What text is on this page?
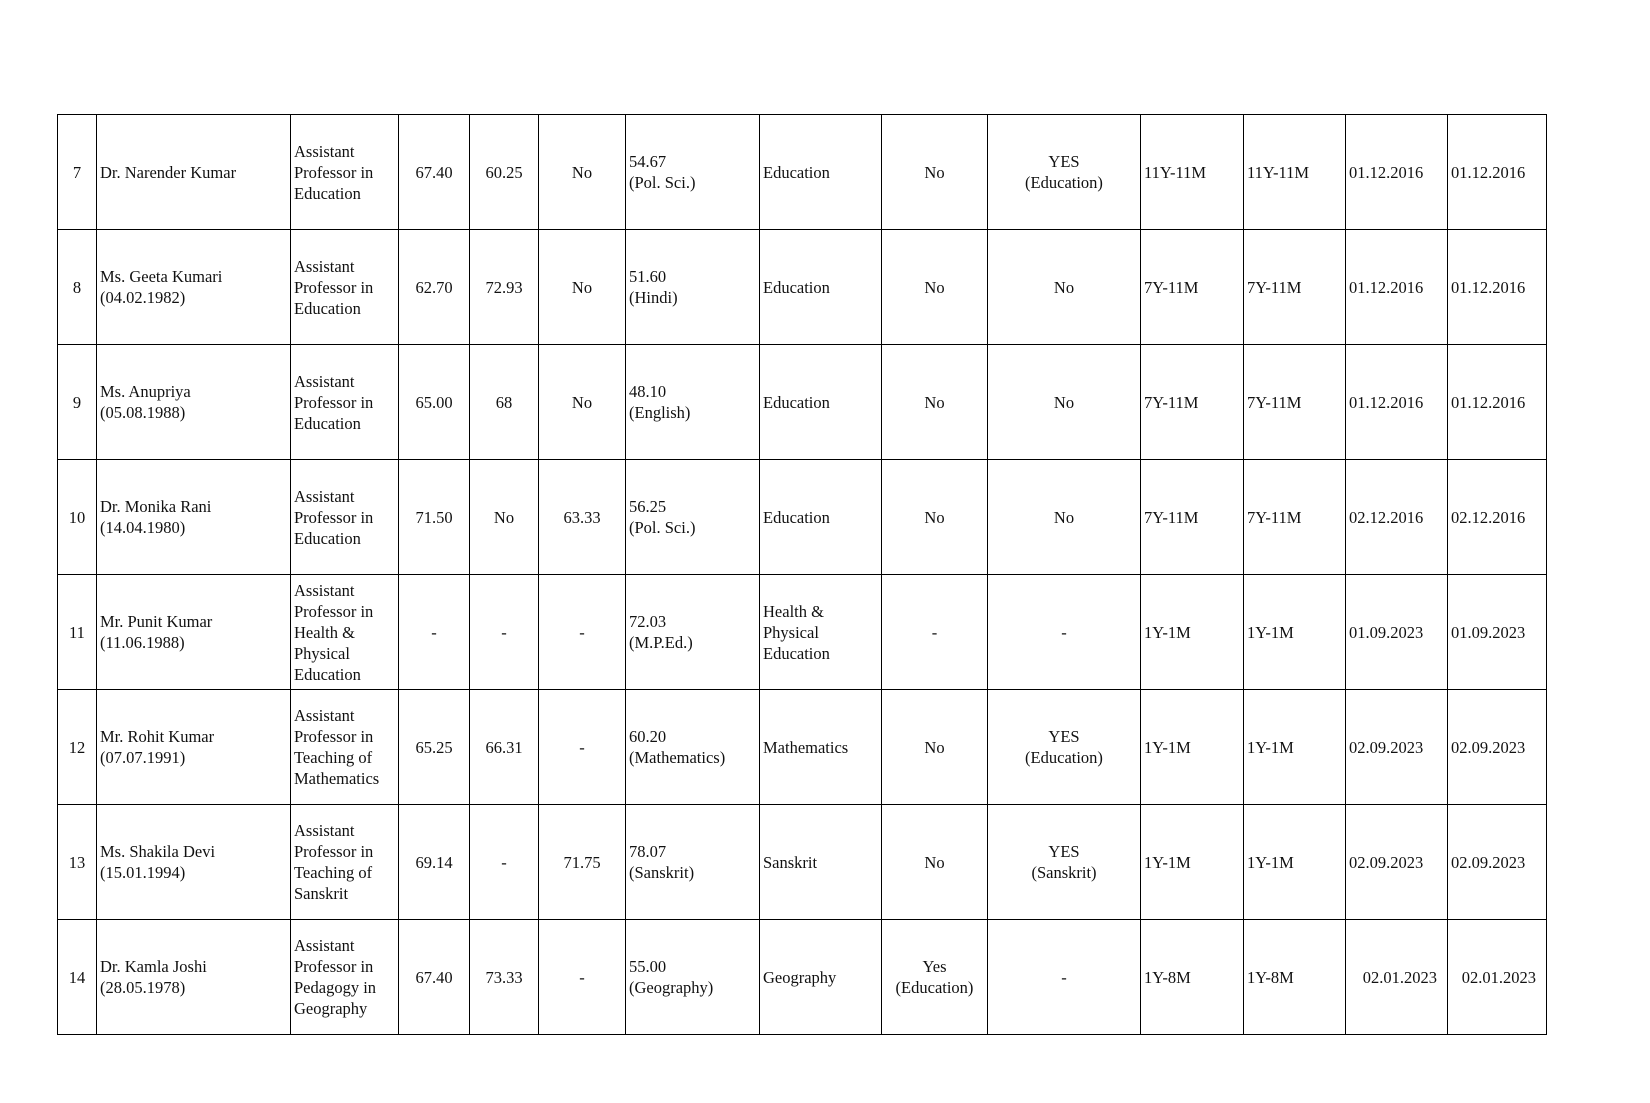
7	Dr. Narender Kumar	Assistant
Professor in
Education	67.40	60.25	No	54.67
(Pol. Sci.)	Education	No	YES
(Education)	11Y-11M	11Y-11M	01.12.2016	01.12.2016
8	Ms. Geeta Kumari
(04.02.1982)	Assistant
Professor in
Education	62.70	72.93	No	51.60
(Hindi)	Education	No	No	7Y-11M	7Y-11M	01.12.2016	01.12.2016
9	Ms. Anupriya
(05.08.1988)	Assistant
Professor in
Education	65.00	68	No	48.10
(English)	Education	No	No	7Y-11M	7Y-11M	01.12.2016	01.12.2016
10	Dr. Monika Rani
(14.04.1980)	Assistant
Professor in
Education	71.50	No	63.33	56.25
(Pol. Sci.)	Education	No	No	7Y-11M	7Y-11M	02.12.2016	02.12.2016
11	Mr. Punit Kumar
(11.06.1988)	Assistant
Professor in
Health &
Physical
Education	-	-	-	72.03
(M.P.Ed.)	Health &
Physical
Education	-	-	1Y-1M	1Y-1M	01.09.2023	01.09.2023
12	Mr. Rohit Kumar
(07.07.1991)	Assistant
Professor in
Teaching of
Mathematics	65.25	66.31	-	60.20
(Mathematics)	Mathematics	No	YES
(Education)	1Y-1M	1Y-1M	02.09.2023	02.09.2023
13	Ms. Shakila Devi
(15.01.1994)	Assistant
Professor in
Teaching of
Sanskrit	69.14	-	71.75	78.07
(Sanskrit)	Sanskrit	No	YES
(Sanskrit)	1Y-1M	1Y-1M	02.09.2023	02.09.2023
14	Dr. Kamla Joshi
(28.05.1978)	Assistant
Professor in
Pedagogy in
Geography	67.40	73.33	-	55.00
(Geography)	Geography	Yes
(Education)	-	1Y-8M	1Y-8M	02.01.2023	02.01.2023
